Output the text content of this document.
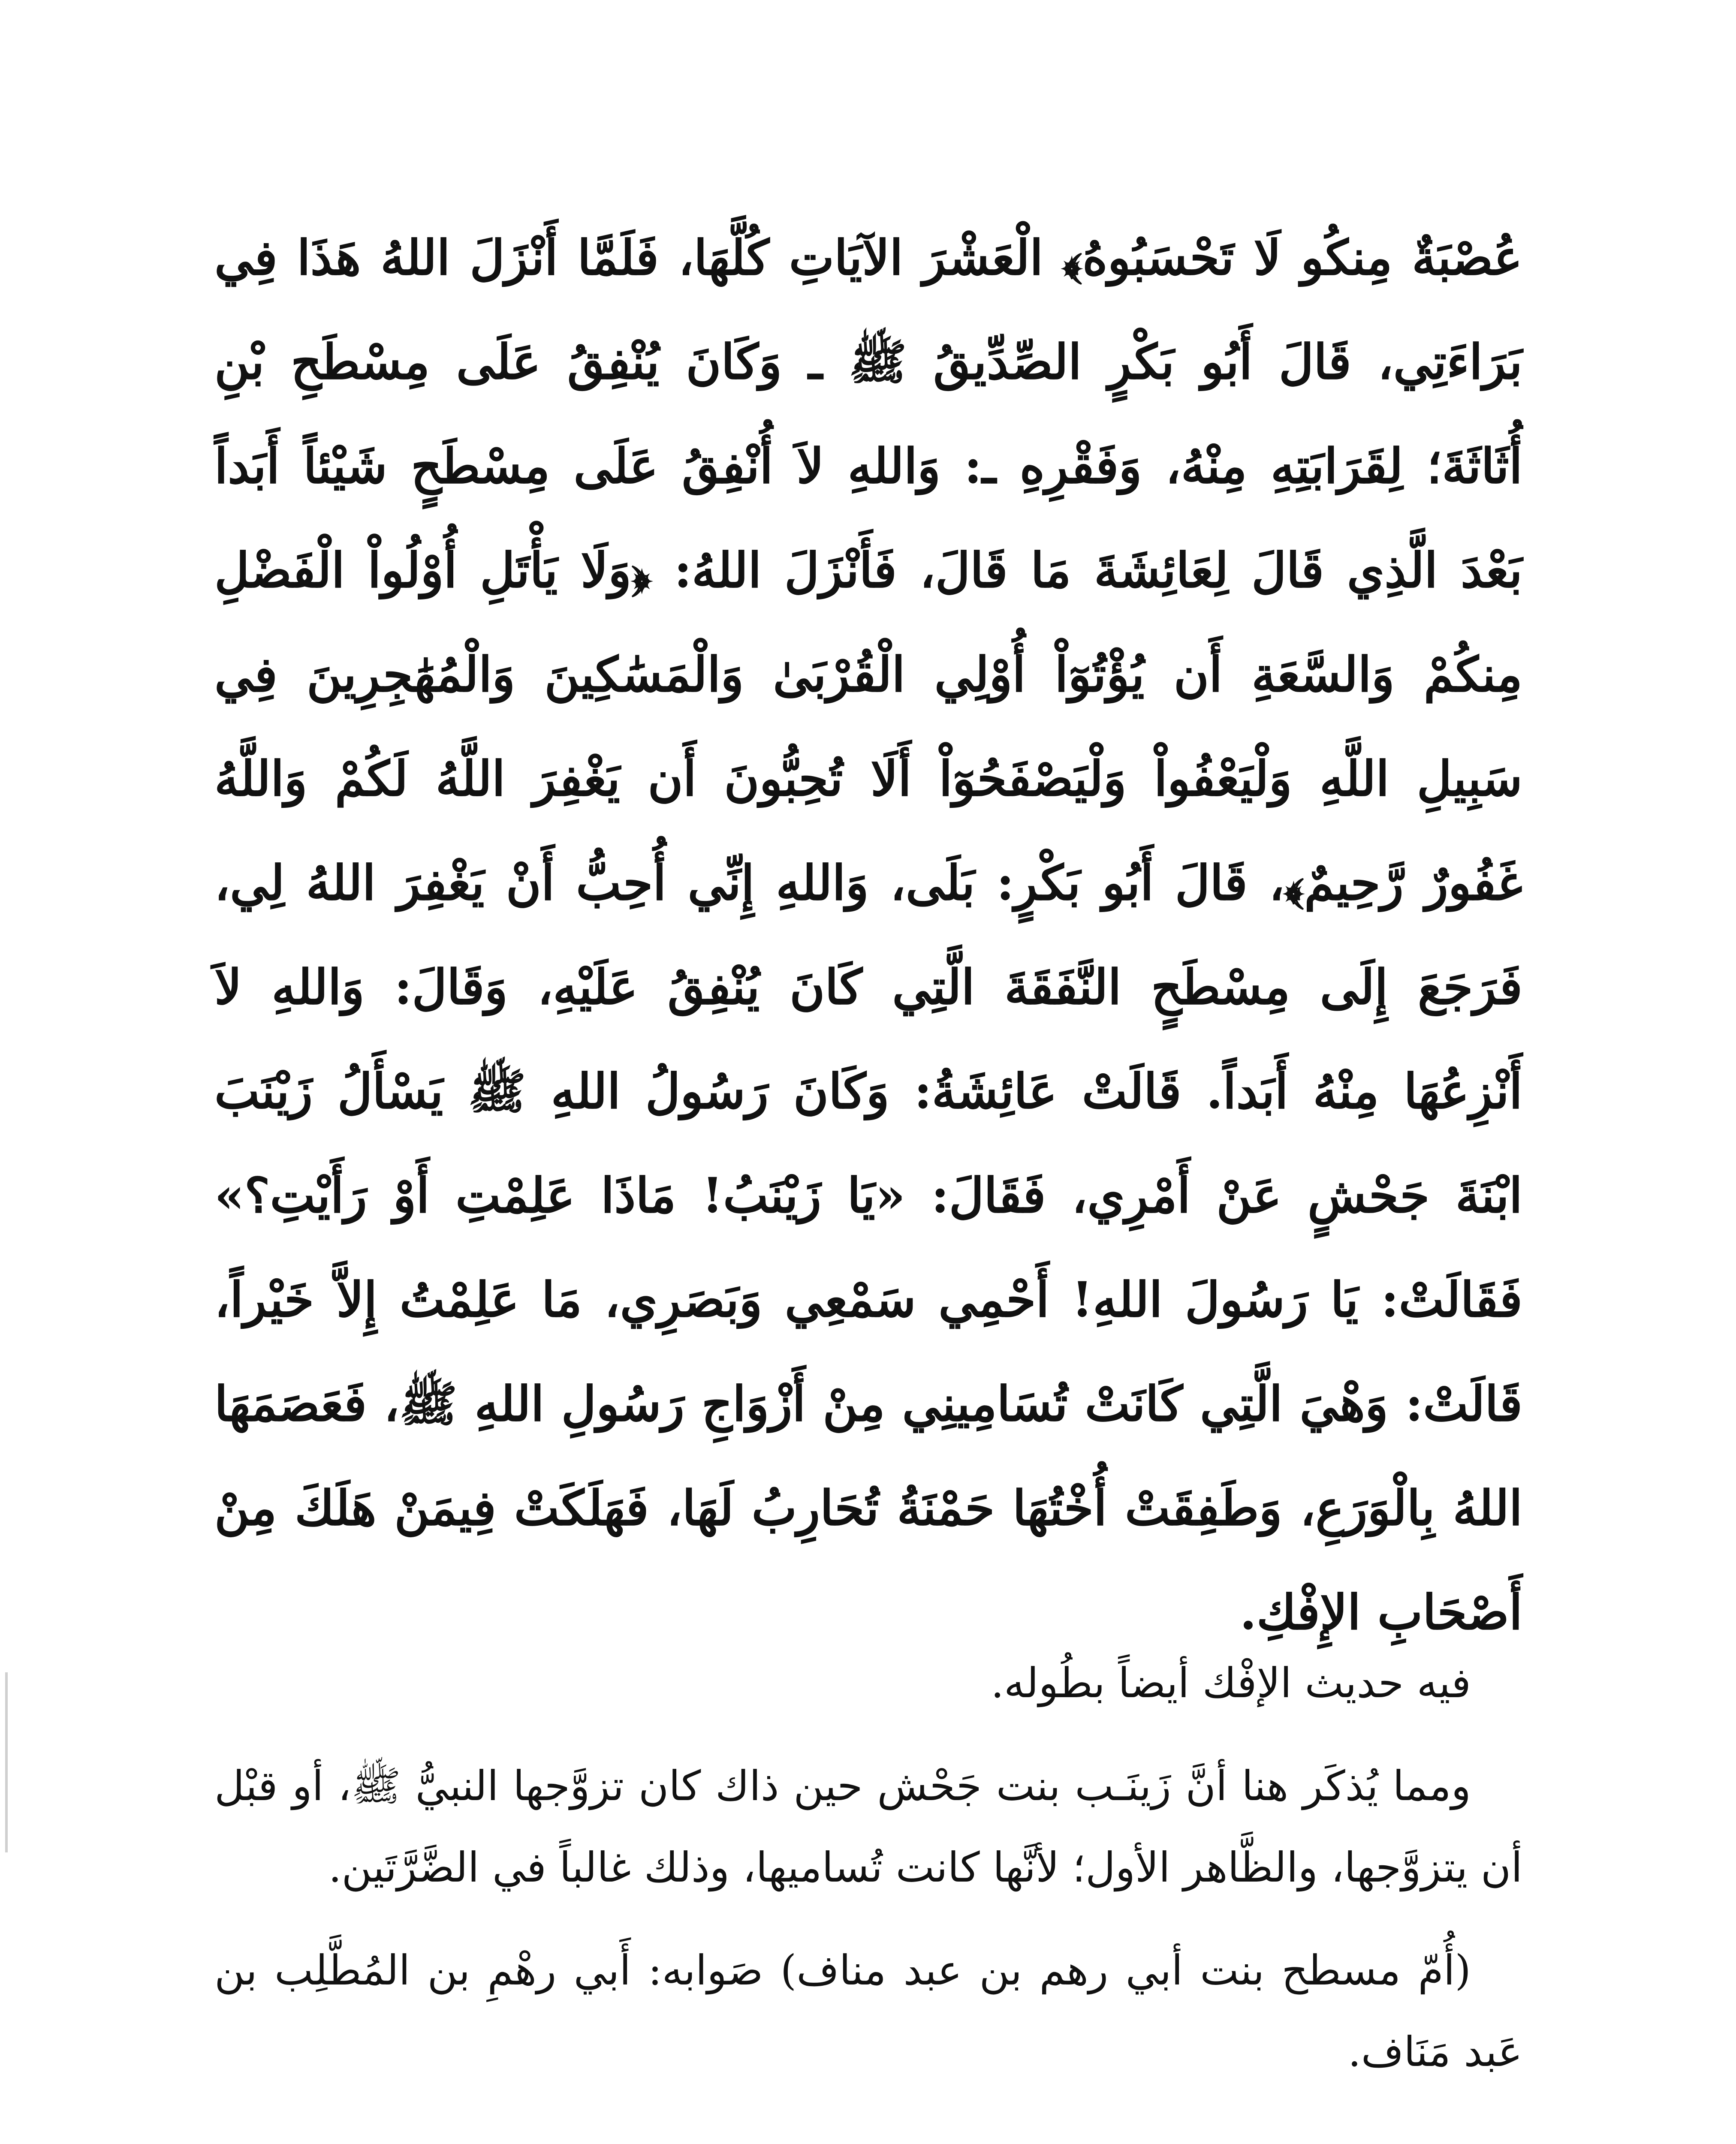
عُصْبَةٌ مِنكُو لَا تَحْسَبُوهُ﴾ الْعَشْرَ الآيَاتِ كُلَّهَا، فَلَمَّا أَنْزَلَ اللهُ هَذَا فِي بَرَاءَتِي، قَالَ أَبُو بَكْرٍ الصِّدِّيقُ ﷺ ـ وَكَانَ يُنْفِقُ عَلَى مِسْطَحِ بْنِ أُثَاثَةَ؛ لِقَرَابَتِهِ مِنْهُ، وَفَقْرِهِ ـ: وَاللهِ لاَ أُنْفِقُ عَلَى مِسْطَحٍ شَيْئاً أَبَداً بَعْدَ الَّذِي قَالَ لِعَائِشَةَ مَا قَالَ، فَأَنْزَلَ اللهُ: ﴿وَلَا يَأْتَلِ أُوْلُواْ الْفَضْلِ مِنكُمْ وَالسَّعَةِ أَن يُؤْتُوٓاْ أُوْلِي الْقُرْبَىٰ وَالْمَسَٰكِينَ وَالْمُهَٰجِرِينَ فِي سَبِيلِ اللَّهِ وَلْيَعْفُواْ وَلْيَصْفَحُوٓاْ أَلَا تُحِبُّونَ أَن يَغْفِرَ اللَّهُ لَكُمْ وَاللَّهُ غَفُورٌ رَّحِيمٌ﴾، قَالَ أَبُو بَكْرٍ: بَلَى، وَاللهِ إِنِّي أُحِبُّ أَنْ يَغْفِرَ اللهُ لِي، فَرَجَعَ إِلَى مِسْطَحٍ النَّفَقَةَ الَّتِي كَانَ يُنْفِقُ عَلَيْهِ، وَقَالَ: وَاللهِ لاَ أَنْزِعُهَا مِنْهُ أَبَداً. قَالَتْ عَائِشَةُ: وَكَانَ رَسُولُ اللهِ ﷺ يَسْأَلُ زَيْنَبَ ابْنَةَ جَحْشٍ عَنْ أَمْرِي، فَقَالَ: «يَا زَيْنَبُ! مَاذَا عَلِمْتِ أَوْ رَأَيْتِ؟» فَقَالَتْ: يَا رَسُولَ اللهِ! أَحْمِي سَمْعِي وَبَصَرِي، مَا عَلِمْتُ إِلاَّ خَيْراً، قَالَتْ: وَهْيَ الَّتِي كَانَتْ تُسَامِينِي مِنْ أَزْوَاجِ رَسُولِ اللهِ ﷺ، فَعَصَمَهَا اللهُ بِالْوَرَعِ، وَطَفِقَتْ أُخْتُهَا حَمْنَةُ تُحَارِبُ لَهَا، فَهَلَكَتْ فِيمَنْ هَلَكَ مِنْ أَصْحَابِ الإِفْكِ.

فيه حديث الإفْك أيضاً بطُوله.

ومما يُذكَر هنا أنَّ زَينَـب بنت جَحْش حين ذاك كان تزوَّجها النبيُّ ﷺ، أو قبْل أن يتزوَّجها، والظَّاهر الأول؛ لأنَّها كانت تُساميها، وذلك غالباً في الضَّرَّتَين.

(أُمّ مسطح بنت أبي رهم بن عبد مناف) صَوابه: أَبي رهْمِ بن المُطَّلِب بن عَبد مَنَاف.
